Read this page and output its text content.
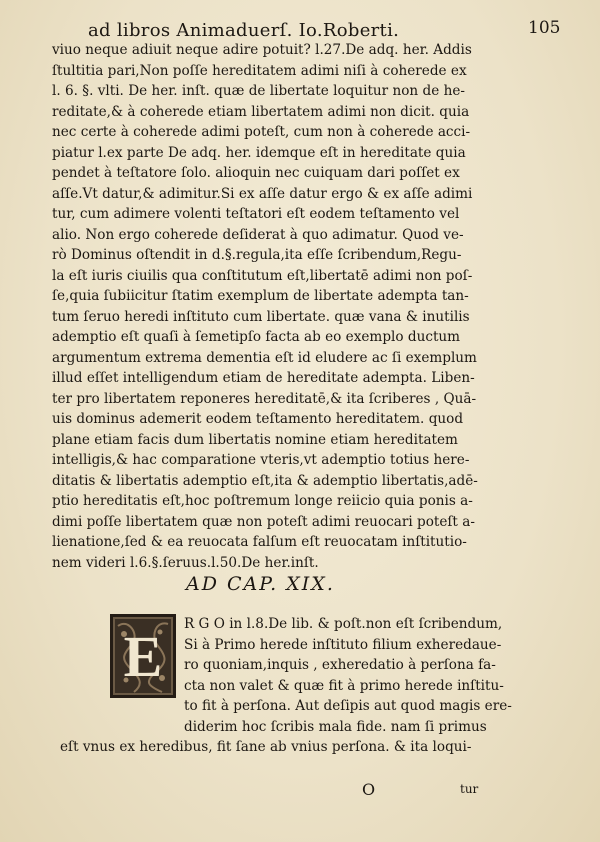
ad libros Animaduerſ. Io.Roberti.	105
viuo neque adiuit neque adire potuit? l.27.De adq. her. Addis
ſtultitia pari,Non poſſe hereditatem adimi niſi à coherede ex
l. 6. §. vlti. De her. inſt. quæ de libertate loquitur non de he-
reditate,& à coherede etiam libertatem adimi non dicit. quia
nec certe à coherede adimi poteſt, cum non à coherede acci-
piatur l.ex parte De adq. her. idemque eſt in hereditate quia
pendet à teſtatore ſolo. alioquin nec cuiquam dari poſſet ex
aſſe.Vt datur,& adimitur.Si ex aſſe datur ergo & ex aſſe adimi
tur, cum adimere volenti teſtatori eſt eodem teſtamento vel
alio. Non ergo coherede deſiderat à quo adimatur. Quod ve-
rò Dominus oſtendit in d.§.regula,ita eſſe ſcribendum,Regu-
la eſt iuris ciuilis qua conſtitutum eſt,libertatē adimi non poſ-
ſe,quia ſubiicitur ſtatim exemplum de libertate adempta tan-
tum ſeruo heredi inſtituto cum libertate. quæ vana & inutilis
ademptio eſt quaſi à ſemetipſo facta ab eo exemplo ductum
argumentum extrema dementia eſt id eludere ac ſi exemplum
illud eſſet intelligendum etiam de hereditate adempta. Liben-
ter pro libertatem reponeres hereditatē,& ita ſcriberes , Quā-
uis dominus ademerit eodem teſtamento hereditatem. quod
plane etiam facis dum libertatis nomine etiam hereditatem
intelligis,& hac comparatione vteris,vt ademptio totius here-
ditatis & libertatis ademptio eſt,ita & ademptio libertatis,adē-
ptio hereditatis eſt,hoc poſtremum longe reiicio quia ponis a-
dimi poſſe libertatem quæ non poteſt adimi reuocari poteſt a-
lienatione,ſed & ea reuocata falſum eſt reuocatam inſtitutio-
nem videri l.6.§.ſeruus.l.50.De her.inſt.
AD CAP. XIX.
E R G O in l.8.De lib. & poſt.non eſt ſcribendum,
Si à Primo herede inſtituto filium exheredaue-
ro quoniam,inquis , exheredatio à perſona fa-
cta non valet & quæ fit à primo herede inſtitu-
to fit à perſona. Aut deſipis aut quod magis ere-
diderim hoc ſcribis mala fide. nam ſi primus
eſt vnus ex heredibus, fit ſane ab vnius perſona. & ita loqui-
O	tur
